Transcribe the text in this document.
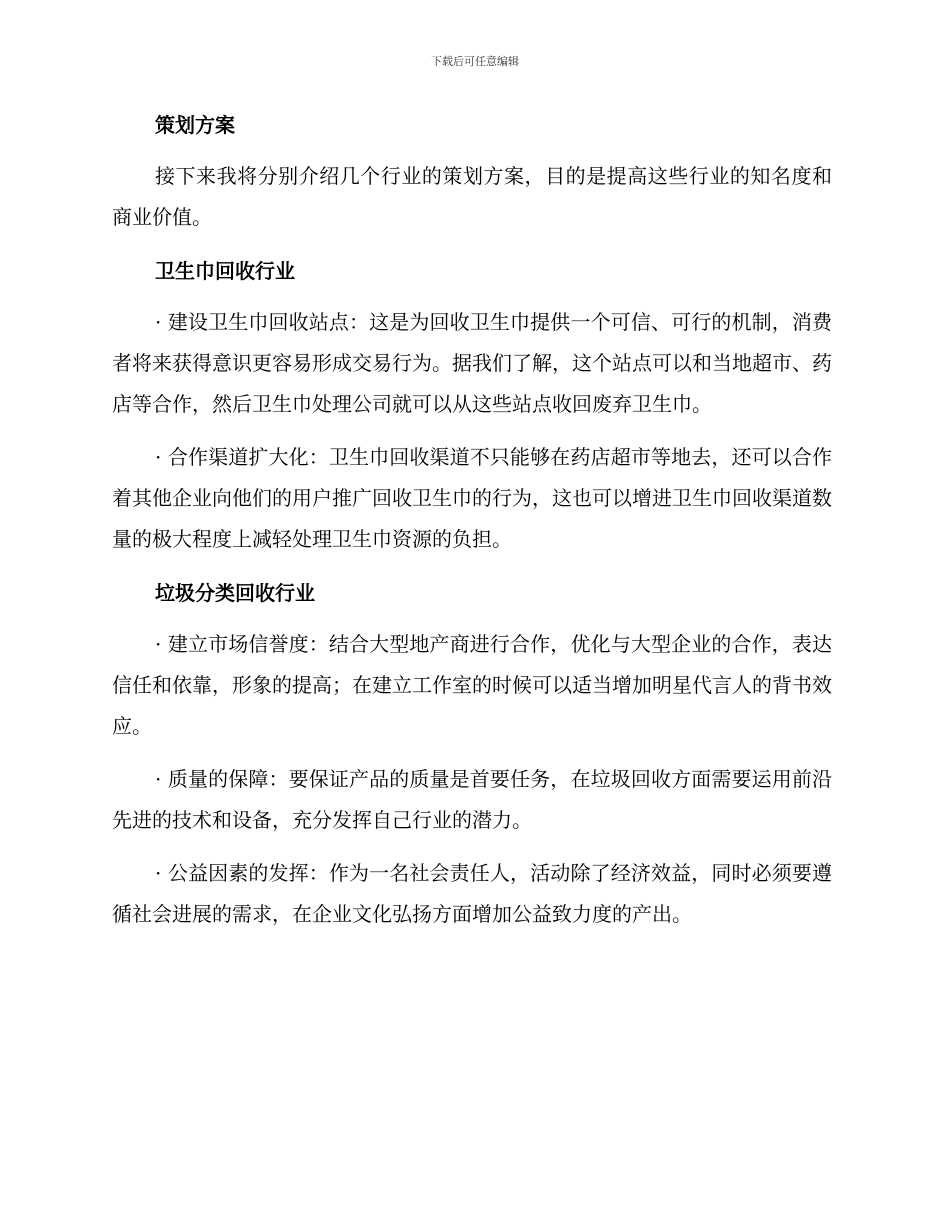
下载后可任意编辑
策划方案

接下来我将分别介绍几个行业的策划方案，目的是提高这些行业的知名度和商业价值。

卫生巾回收行业

· 建设卫生巾回收站点：这是为回收卫生巾提供一个可信、可行的机制，消费者将来获得意识更容易形成交易行为。据我们了解，这个站点可以和当地超市、药店等合作，然后卫生巾处理公司就可以从这些站点收回废弃卫生巾。

· 合作渠道扩大化：卫生巾回收渠道不只能够在药店超市等地去，还可以合作着其他企业向他们的用户推广回收卫生巾的行为，这也可以增进卫生巾回收渠道数量的极大程度上减轻处理卫生巾资源的负担。

垃圾分类回收行业

· 建立市场信誉度：结合大型地产商进行合作，优化与大型企业的合作，表达信任和依靠，形象的提高；在建立工作室的时候可以适当增加明星代言人的背书效应。

· 质量的保障：要保证产品的质量是首要任务，在垃圾回收方面需要运用前沿先进的技术和设备，充分发挥自己行业的潜力。

· 公益因素的发挥：作为一名社会责任人，活动除了经济效益，同时必须要遵循社会进展的需求，在企业文化弘扬方面增加公益致力度的产出。
